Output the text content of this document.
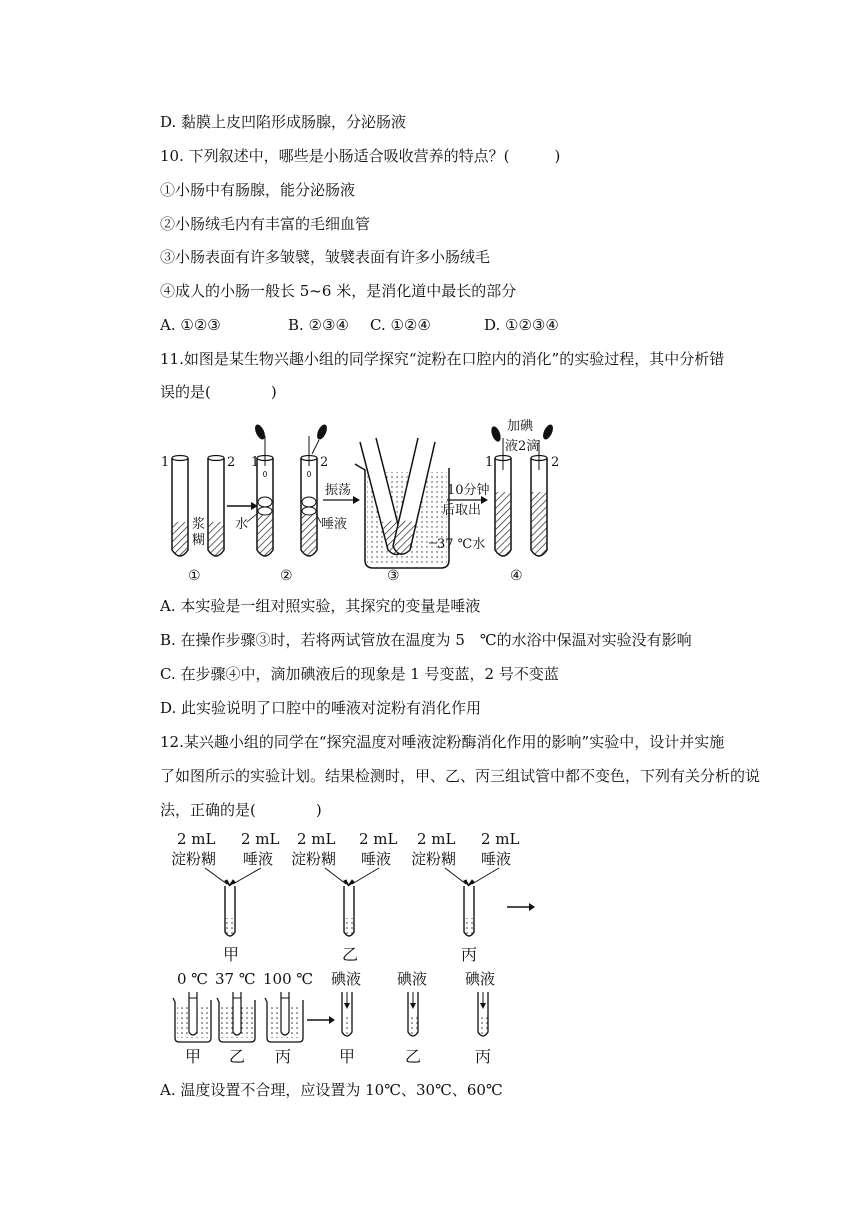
D. 黏膜上皮凹陷形成肠腺，分泌肠液
10. 下列叙述中，哪些是小肠适合吸收营养的特点？(　　　)
①小肠中有肠腺，能分泌肠液
②小肠绒毛内有丰富的毛细血管
③小肠表面有许多皱襞，皱襞表面有许多小肠绒毛
④成人的小肠一般长 5~6 米，是消化道中最长的部分
A. ①②③	B. ②③④ C. ①②④	D. ①②③④
11.如图是某生物兴趣小组的同学探究“淀粉在口腔内的消化”的实验过程，其中分析错
误的是(　　　　)
1	2
浆
糊
1	2
水	唾液
振荡	10分钟
后取出
37 ℃水
加碘
液2滴
1	2
①	②	③	④
A. 本实验是一组对照实验，其探究的变量是唾液
B. 在操作步骤③时，若将两试管放在温度为 5　℃的水浴中保温对实验没有影响
C. 在步骤④中，滴加碘液后的现象是 1 号变蓝，2 号不变蓝
D. 此实验说明了口腔中的唾液对淀粉有消化作用
12.某兴趣小组的同学在“探究温度对唾液淀粉酶消化作用的影响”实验中，设计并实施
了如图所示的实验计划。结果检测时，甲、乙、丙三组试管中都不变色，下列有关分析的说
法，正确的是(　　　　)
2 mL
淀粉糊
2 mL
唾液
2 mL
淀粉糊
2 mL
唾液
2 mL
淀粉糊
2 mL
唾液
甲	乙	丙
0 ℃ 37 ℃ 100 ℃ 碘液 碘液	碘液
甲 乙 丙	甲	乙	丙
A. 温度设置不合理，应设置为 10℃、30℃、60℃
